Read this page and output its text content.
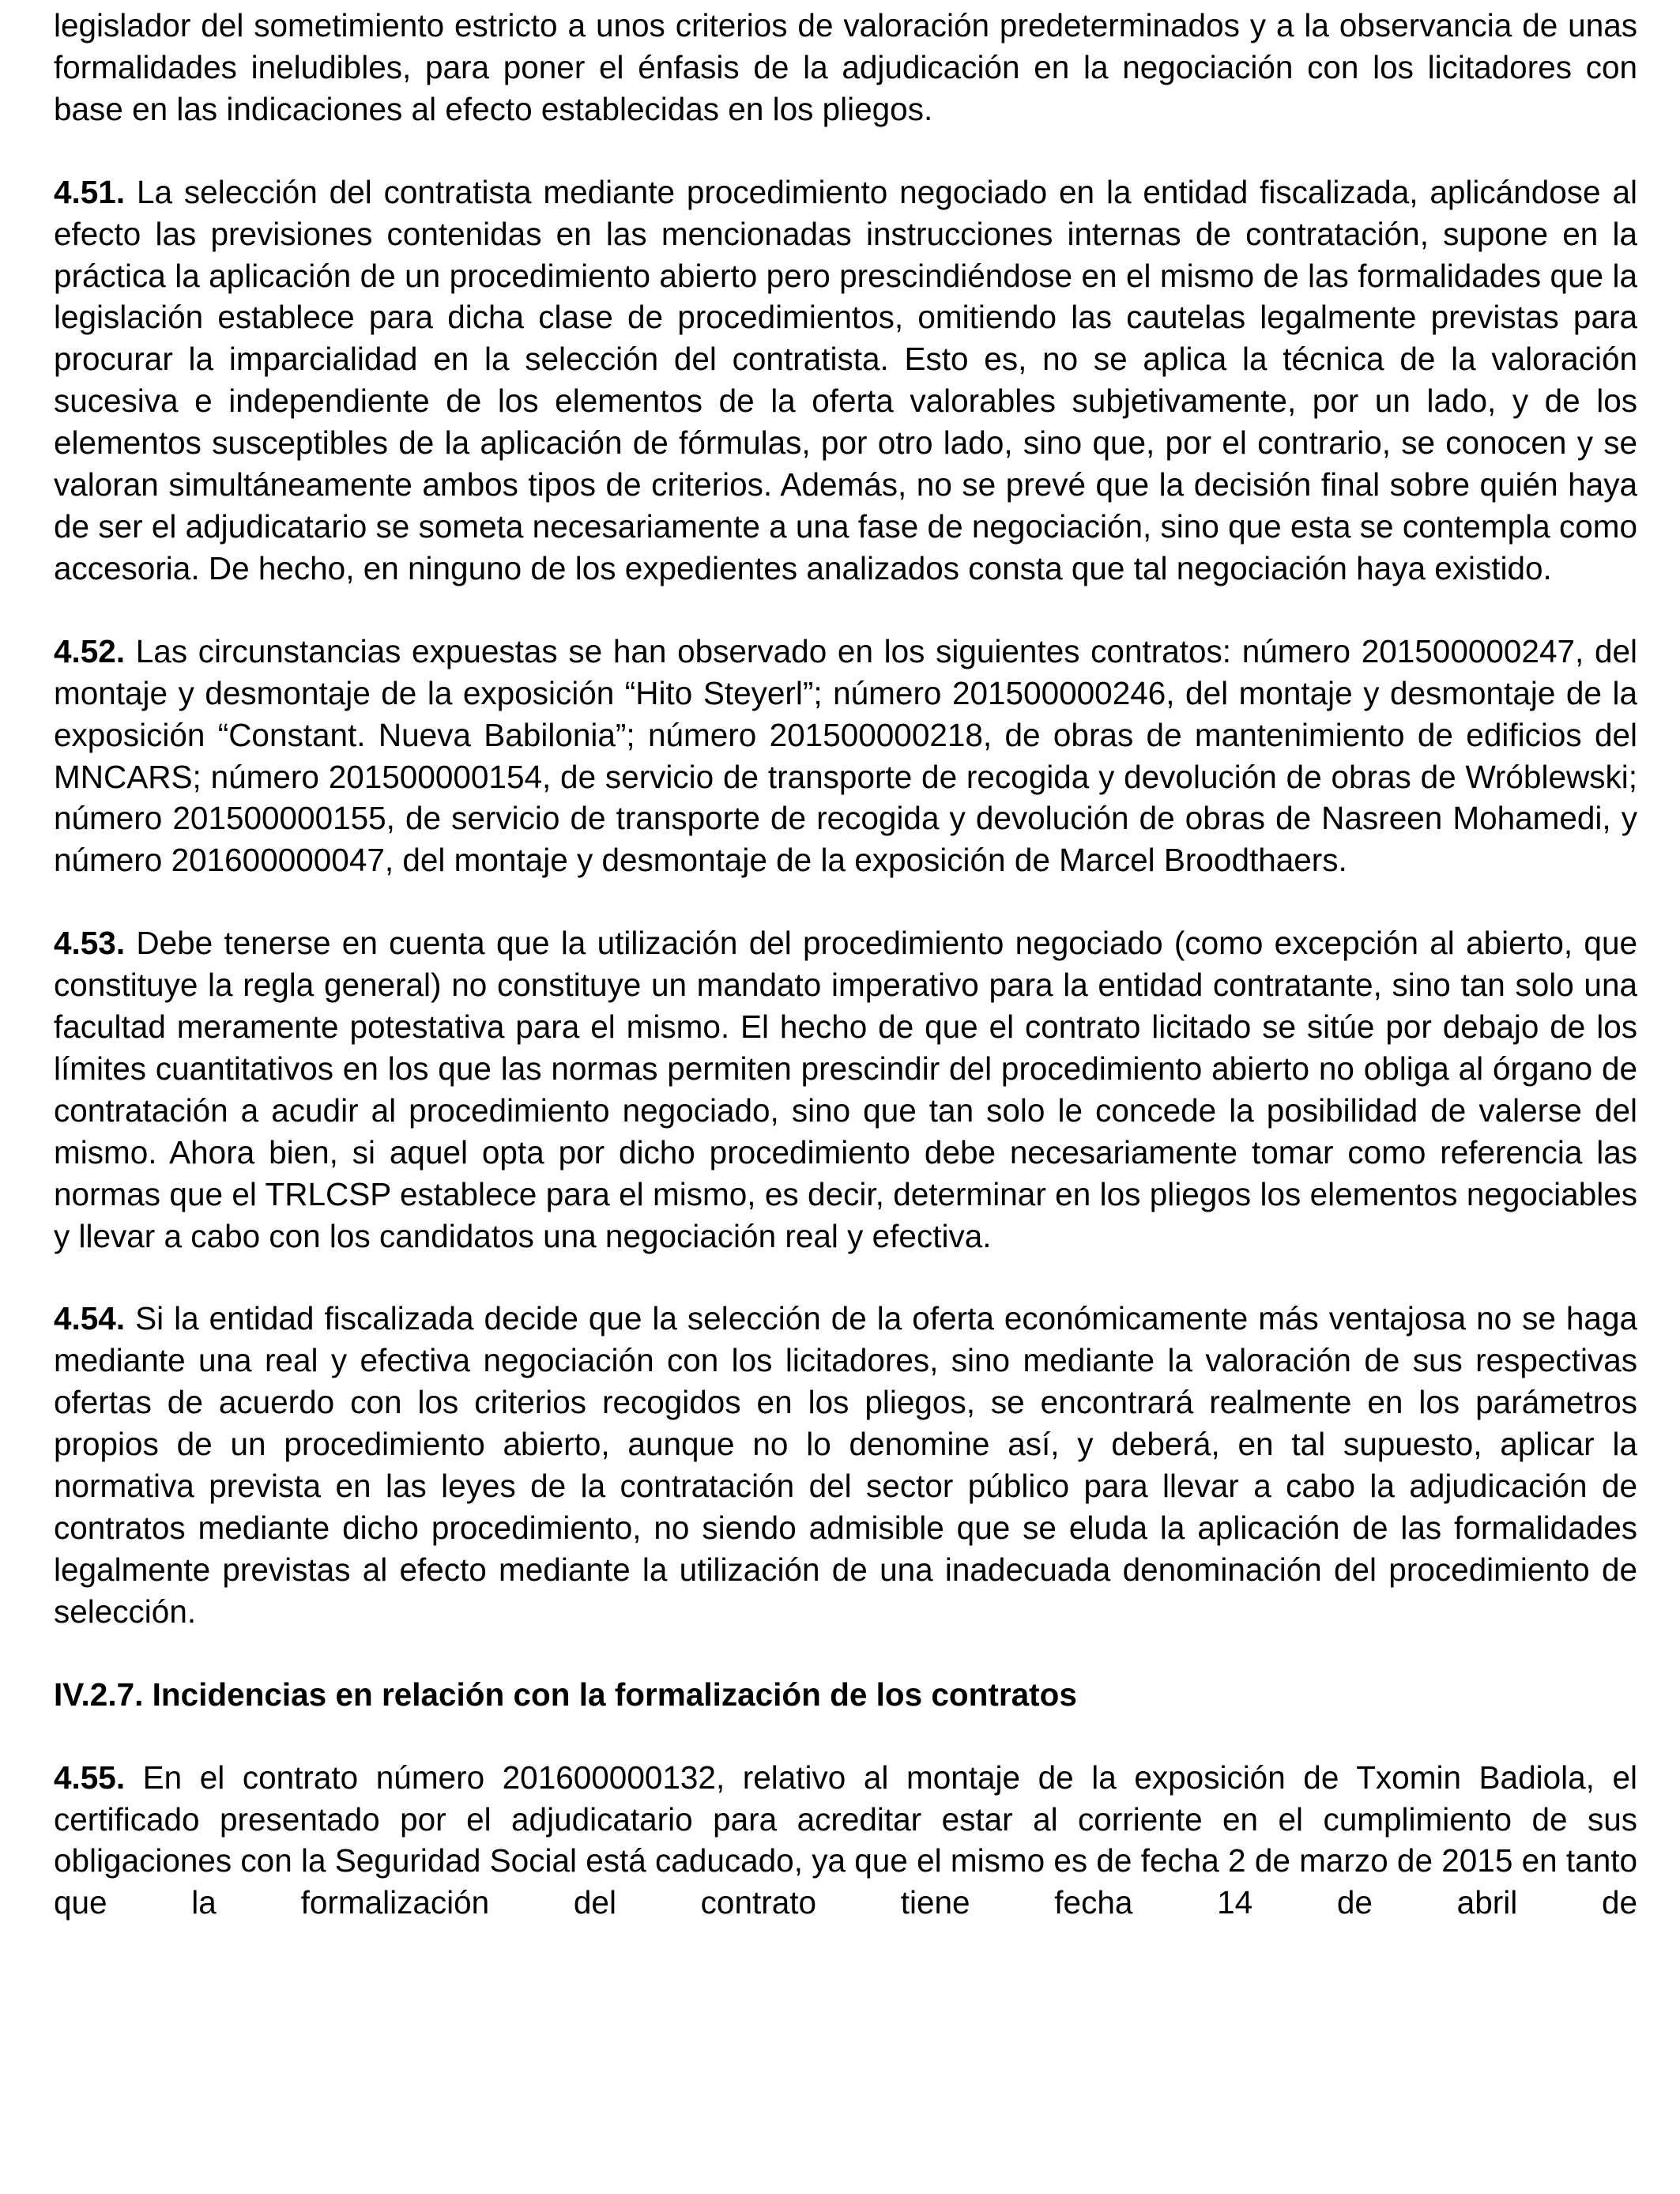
legislador del sometimiento estricto a unos criterios de valoración predeterminados y a la observancia de unas formalidades ineludibles, para poner el énfasis de la adjudicación en la negociación con los licitadores con base en las indicaciones al efecto establecidas en los pliegos.

4.51. La selección del contratista mediante procedimiento negociado en la entidad fiscalizada, aplicándose al efecto las previsiones contenidas en las mencionadas instrucciones internas de contratación, supone en la práctica la aplicación de un procedimiento abierto pero prescindiéndose en el mismo de las formalidades que la legislación establece para dicha clase de procedimientos, omitiendo las cautelas legalmente previstas para procurar la imparcialidad en la selección del contratista. Esto es, no se aplica la técnica de la valoración sucesiva e independiente de los elementos de la oferta valorables subjetivamente, por un lado, y de los elementos susceptibles de la aplicación de fórmulas, por otro lado, sino que, por el contrario, se conocen y se valoran simultáneamente ambos tipos de criterios. Además, no se prevé que la decisión final sobre quién haya de ser el adjudicatario se someta necesariamente a una fase de negociación, sino que esta se contempla como accesoria. De hecho, en ninguno de los expedientes analizados consta que tal negociación haya existido.

4.52. Las circunstancias expuestas se han observado en los siguientes contratos: número 201500000247, del montaje y desmontaje de la exposición “Hito Steyerl”; número 201500000246, del montaje y desmontaje de la exposición “Constant. Nueva Babilonia”; número 201500000218, de obras de mantenimiento de edificios del MNCARS; número 201500000154, de servicio de transporte de recogida y devolución de obras de Wróblewski; número 201500000155, de servicio de transporte de recogida y devolución de obras de Nasreen Mohamedi, y número 201600000047, del montaje y desmontaje de la exposición de Marcel Broodthaers.

4.53. Debe tenerse en cuenta que la utilización del procedimiento negociado (como excepción al abierto, que constituye la regla general) no constituye un mandato imperativo para la entidad contratante, sino tan solo una facultad meramente potestativa para el mismo. El hecho de que el contrato licitado se sitúe por debajo de los límites cuantitativos en los que las normas permiten prescindir del procedimiento abierto no obliga al órgano de contratación a acudir al procedimiento negociado, sino que tan solo le concede la posibilidad de valerse del mismo. Ahora bien, si aquel opta por dicho procedimiento debe necesariamente tomar como referencia las normas que el TRLCSP establece para el mismo, es decir, determinar en los pliegos los elementos negociables y llevar a cabo con los candidatos una negociación real y efectiva.

4.54. Si la entidad fiscalizada decide que la selección de la oferta económicamente más ventajosa no se haga mediante una real y efectiva negociación con los licitadores, sino mediante la valoración de sus respectivas ofertas de acuerdo con los criterios recogidos en los pliegos, se encontrará realmente en los parámetros propios de un procedimiento abierto, aunque no lo denomine así, y deberá, en tal supuesto, aplicar la normativa prevista en las leyes de la contratación del sector público para llevar a cabo la adjudicación de contratos mediante dicho procedimiento, no siendo admisible que se eluda la aplicación de las formalidades legalmente previstas al efecto mediante la utilización de una inadecuada denominación del procedimiento de selección.

IV.2.7. Incidencias en relación con la formalización de los contratos

4.55. En el contrato número 201600000132, relativo al montaje de la exposición de Txomin Badiola, el certificado presentado por el adjudicatario para acreditar estar al corriente en el cumplimiento de sus obligaciones con la Seguridad Social está caducado, ya que el mismo es de fecha 2 de marzo de 2015 en tanto que la formalización del contrato tiene fecha 14 de abril de
